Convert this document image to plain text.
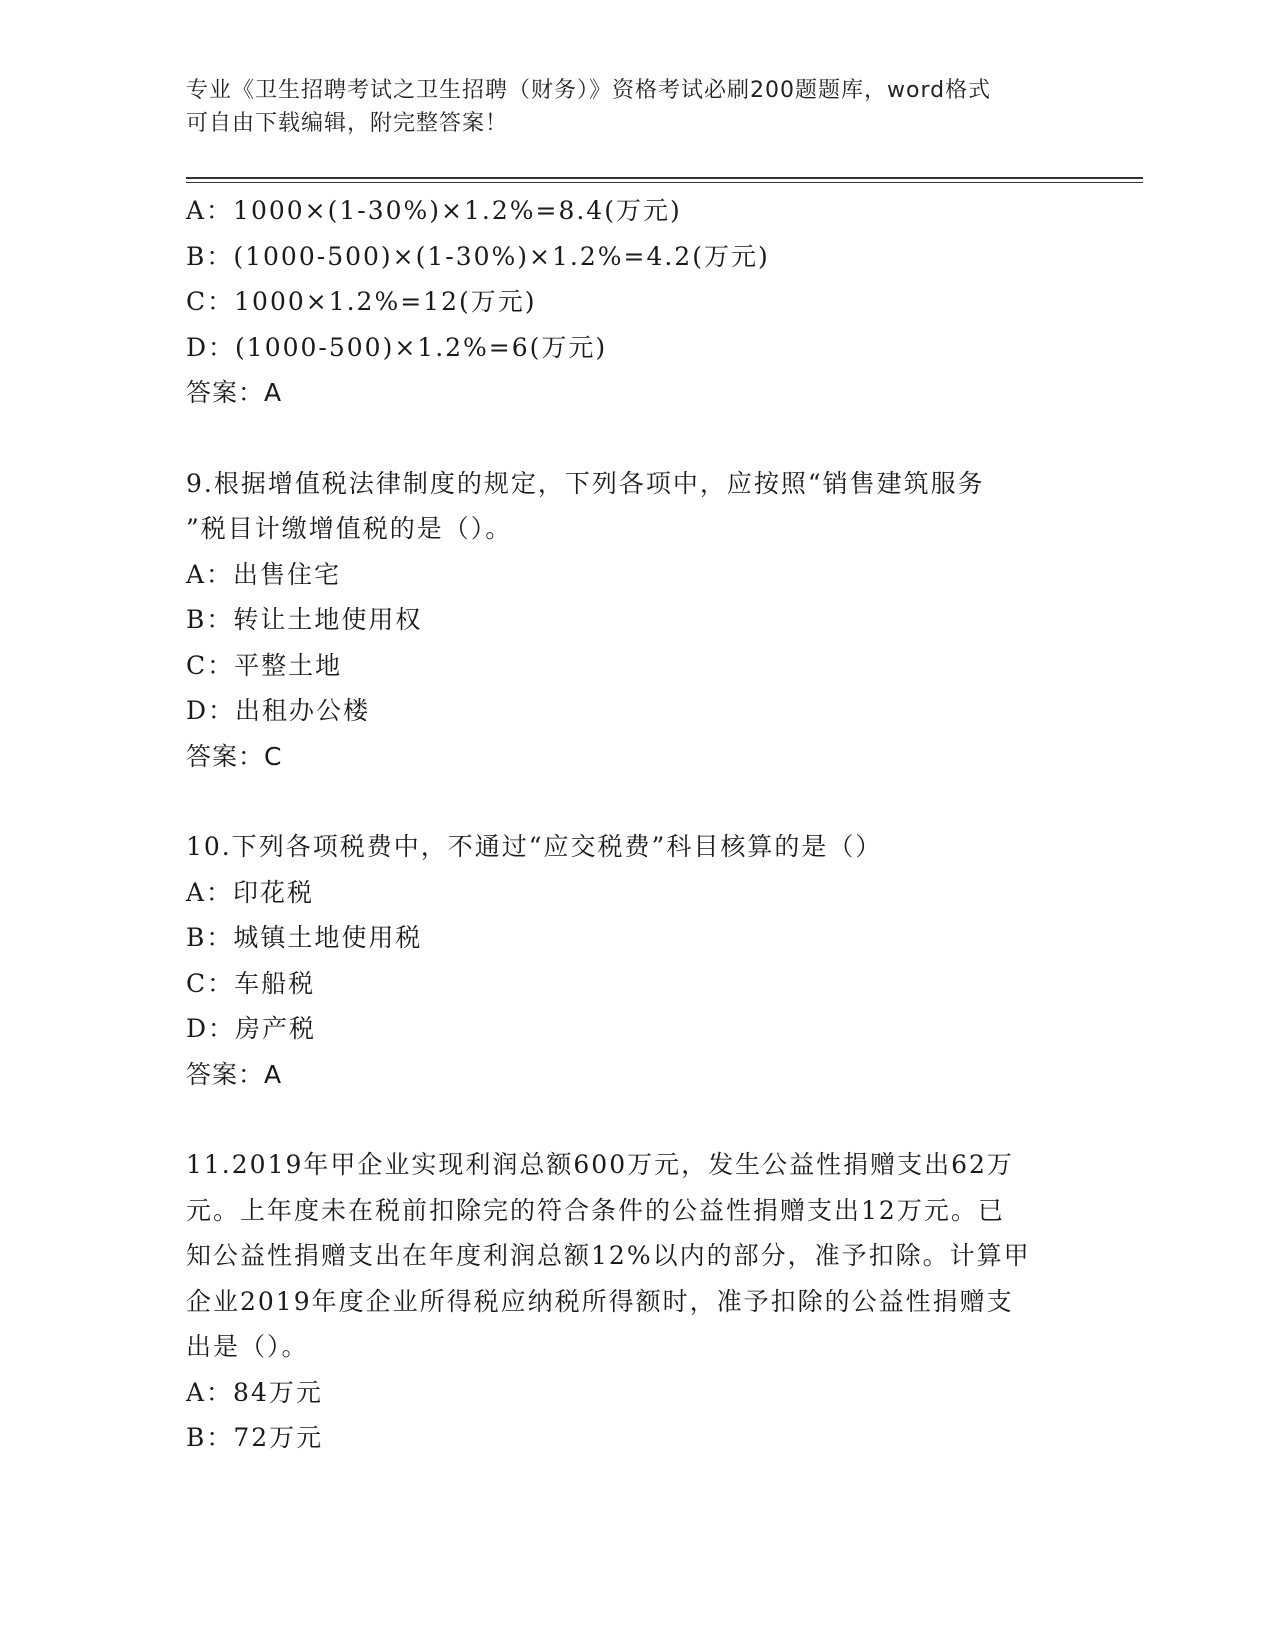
专业《卫生招聘考试之卫生招聘（财务）》资格考试必刷200题题库，word格式
可自由下载编辑，附完整答案！
A：1000×(1-30%)×1.2%=8.4(万元)
B：(1000-500)×(1-30%)×1.2%=4.2(万元)
C：1000×1.2%=12(万元)
D：(1000-500)×1.2%=6(万元)
答案：A
9.根据增值税法律制度的规定，下列各项中，应按照“销售建筑服务
”税目计缴增值税的是（）。
A：出售住宅
B：转让土地使用权
C：平整土地
D：出租办公楼
答案：C
10.下列各项税费中，不通过“应交税费”科目核算的是（）
A：印花税
B：城镇土地使用税
C：车船税
D：房产税
答案：A
11.2019年甲企业实现利润总额600万元，发生公益性捐赠支出62万
元。上年度未在税前扣除完的符合条件的公益性捐赠支出12万元。已
知公益性捐赠支出在年度利润总额12%以内的部分，准予扣除。计算甲
企业2019年度企业所得税应纳税所得额时，准予扣除的公益性捐赠支
出是（）。
A：84万元
B：72万元
